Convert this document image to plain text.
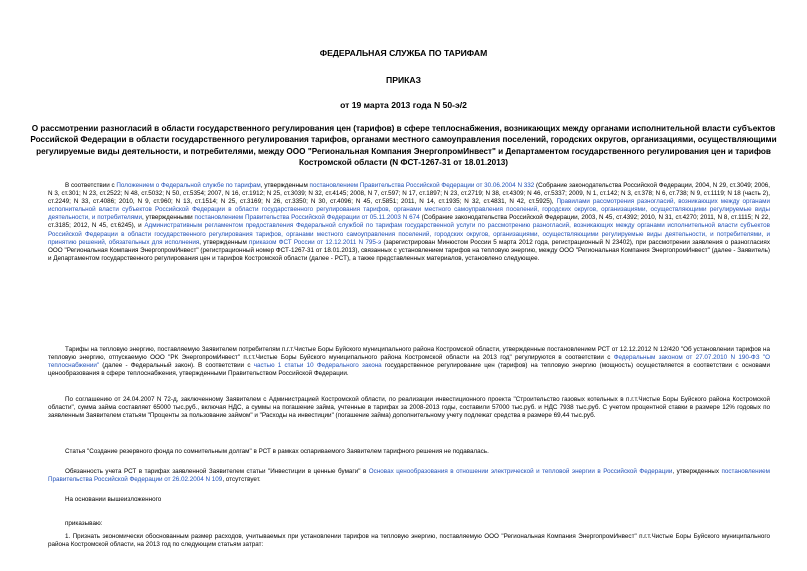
ФЕДЕРАЛЬНАЯ СЛУЖБА ПО ТАРИФАМ
ПРИКАЗ
от 19 марта 2013 года N 50-э/2
О рассмотрении разногласий в области государственного регулирования цен (тарифов) в сфере теплоснабжения, возникающих между органами исполнительной власти субъектов Российской Федерации в области государственного регулирования тарифов, органами местного самоуправления поселений, городских округов, организациями, осуществляющими регулируемые виды деятельности, и потребителями, между ООО "Региональная Компания ЭнергопромИнвест" и Департаментом государственного регулирования цен и тарифов Костромской области (N ФСТ-1267-31 от 18.01.2013)
В соответствии с Положением о Федеральной службе по тарифам, утвержденным постановлением Правительства Российской Федерации от 30.06.2004 N 332 (Собрание законодательства Российской Федерации, 2004, N 29, ст.3049; 2006, N 3, ст.301; N 23, ст.2522; N 48, ст.5032; N 50, ст.5354; 2007, N 16, ст.1912; N 25, ст.3039; N 32, ст.4145; 2008, N 7, ст.597; N 17, ст.1897; N 23, ст.2719; N 38, ст.4309; N 46, ст.5337; 2009, N 1, ст.142; N 3, ст.378; N 6, ст.738; N 9, ст.1119; N 18 (часть 2), ст.2249; N 33, ст.4086; 2010, N 9, ст.960; N 13, ст.1514; N 25, ст.3169; N 26, ст.3350; N 30, ст.4096; N 45, ст.5851; 2011, N 14, ст.1935; N 32, ст.4831, N 42, ст.5925), Правилами рассмотрения разногласий, возникающих между органами исполнительной власти субъектов Российской Федерации в области государственного регулирования тарифов, органами местного самоуправления поселений, городских округов, организациями, осуществляющими регулируемые виды деятельности, и потребителями, утвержденными постановлением Правительства Российской Федерации от 05.11.2003 N 674 (Собрание законодательства Российской Федерации, 2003, N 45, ст.4392; 2010, N 31, ст.4270; 2011, N 8, ст.1115; N 22, ст.3185; 2012, N 45, ст.6245), и Административным регламентом предоставления Федеральной службой по тарифам государственной услуги по рассмотрению разногласий, возникающих между органами исполнительной власти субъектов Российской Федерации в области государственного регулирования тарифов, органами местного самоуправления поселений, городских округов, организациями, осуществляющими регулируемые виды деятельности, и потребителями, и принятию решений, обязательных для исполнения, утвержденным приказом ФСТ России от 12.12.2011 N 795-э (зарегистрирован Минюстом России 5 марта 2012 года, регистрационный N 23402), при рассмотрении заявления о разногласиях ООО "Региональная Компания ЭнергопромИнвест" (регистрационный номер ФСТ-1267-31 от 18.01.2013), связанных с установлением тарифов на тепловую энергию, между ООО "Региональная Компания ЭнергопромИнвест" (далее - Заявитель) и Департаментом государственного регулирования цен и тарифов Костромской области (далее - РСТ), а также представленных материалов, установлено следующее.
Тарифы на тепловую энергию, поставляемую Заявителем потребителям п.г.т.Чистые Боры Буйского муниципального района Костромской области, утвержденные постановлением РСТ от 12.12.2012 N 12/420 "Об установлении тарифов на тепловую энергию, отпускаемую ООО "РК ЭнергопромИнвест" п.г.т.Чистые Боры Буйского муниципального района Костромской области на 2013 год" регулируются в соответствии с Федеральным законом от 27.07.2010 N 190-ФЗ "О теплоснабжении" (далее - Федеральный закон). В соответствии с частью 1 статьи 10 Федерального закона государственное регулирование цен (тарифов) на тепловую энергию (мощность) осуществляется в соответствии с основами ценообразования в сфере теплоснабжения, утвержденными Правительством Российской Федерации.
По соглашению от 24.04.2007 N 72-д, заключенному Заявителем с Администрацией Костромской области, по реализации инвестиционного проекта "Строительство газовых котельных в п.г.т.Чистые Боры Буйского района Костромской области", сумма займа составляет 65000 тыс.руб., включая НДС, а суммы на погашение займа, учтенные в тарифах за 2008-2013 годы, составили 57000 тыс.руб. и НДС 7938 тыс.руб. С учетом процентной ставки в размере 12% годовых по заявленным Заявителем статьям "Проценты за пользование займом" и "Расходы на инвестиции" (погашение займа) дополнительному учету подлежат средства в размере 69,44 тыс.руб.
Статья "Создание резервного фонда по сомнительным долгам" в РСТ в рамках оспариваемого Заявителем тарифного решения не подавалась.
Обязанность учета РСТ в тарифах заявленной Заявителем статьи "Инвестиции в ценные бумаги" в Основах ценообразования в отношении электрической и тепловой энергии в Российской Федерации, утвержденных постановлением Правительства Российской Федерации от 26.02.2004 N 109, отсутствует.
На основании вышеизложенного
приказываю:
1. Признать экономически обоснованным размер расходов, учитываемых при установлении тарифов на тепловую энергию, поставляемую ООО "Региональная Компания ЭнергопромИнвест" п.г.т.Чистые Боры Буйского муниципального района Костромской области, на 2013 год по следующим статьям затрат:
